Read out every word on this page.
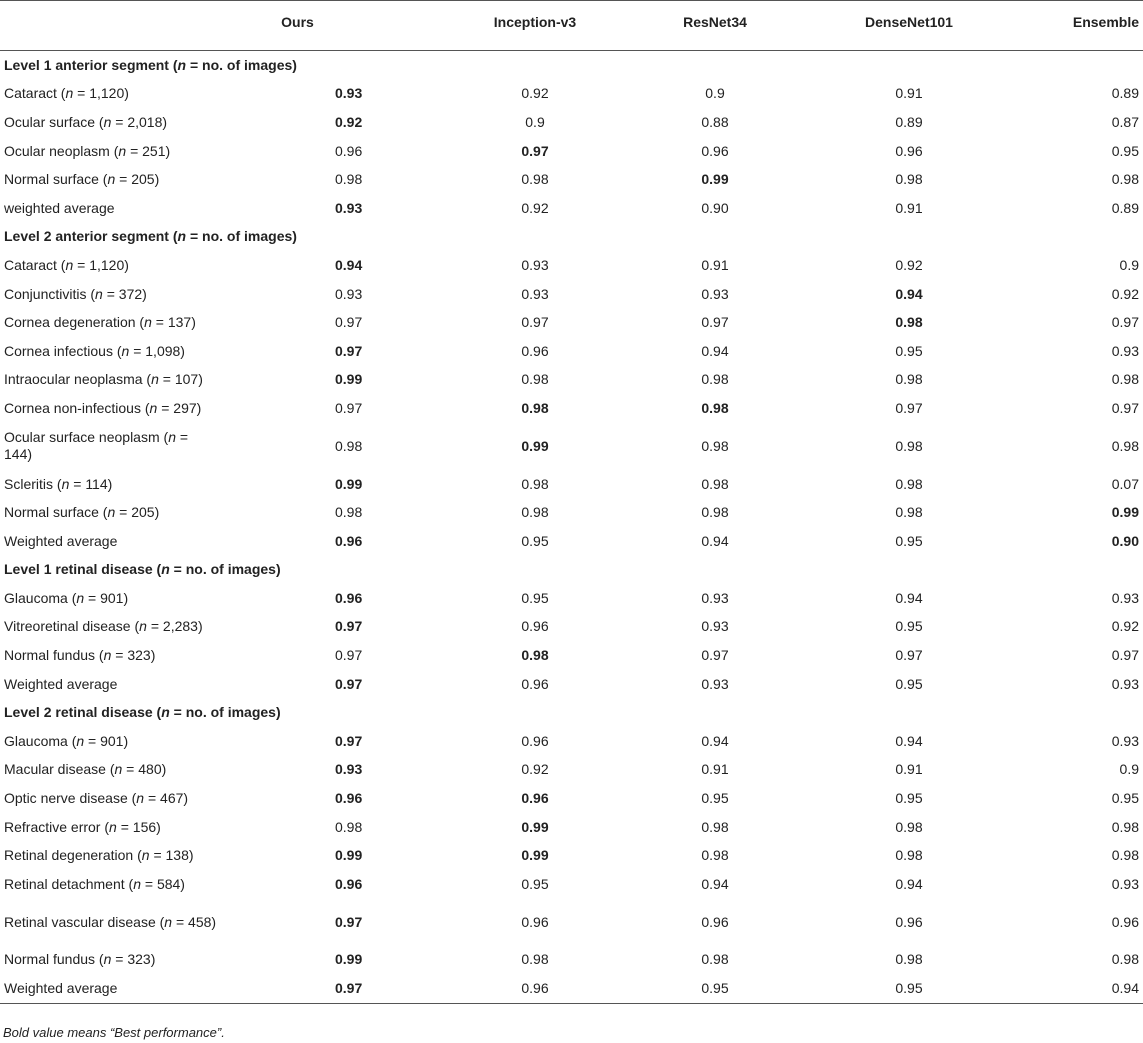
	Ours	Inception-v3	ResNet34	DenseNet101	Ensemble
Level 1 anterior segment (n = no. of images)					
Cataract (n = 1,120)	0.93	0.92	0.9	0.91	0.89
Ocular surface (n = 2,018)	0.92	0.9	0.88	0.89	0.87
Ocular neoplasm (n = 251)	0.96	0.97	0.96	0.96	0.95
Normal surface (n = 205)	0.98	0.98	0.99	0.98	0.98
weighted average	0.93	0.92	0.90	0.91	0.89
Level 2 anterior segment (n = no. of images)					
Cataract (n = 1,120)	0.94	0.93	0.91	0.92	0.9
Conjunctivitis (n = 372)	0.93	0.93	0.93	0.94	0.92
Cornea degeneration (n = 137)	0.97	0.97	0.97	0.98	0.97
Cornea infectious (n = 1,098)	0.97	0.96	0.94	0.95	0.93
Intraocular neoplasma (n = 107)	0.99	0.98	0.98	0.98	0.98
Cornea non-infectious (n = 297)	0.97	0.98	0.98	0.97	0.97
Ocular surface neoplasm (n = 144)	0.98	0.99	0.98	0.98	0.98
Scleritis (n = 114)	0.99	0.98	0.98	0.98	0.07
Normal surface (n = 205)	0.98	0.98	0.98	0.98	0.99
Weighted average	0.96	0.95	0.94	0.95	0.90
Level 1 retinal disease (n = no. of images)					
Glaucoma (n = 901)	0.96	0.95	0.93	0.94	0.93
Vitreoretinal disease (n = 2,283)	0.97	0.96	0.93	0.95	0.92
Normal fundus (n = 323)	0.97	0.98	0.97	0.97	0.97
Weighted average	0.97	0.96	0.93	0.95	0.93
Level 2 retinal disease (n = no. of images)					
Glaucoma (n = 901)	0.97	0.96	0.94	0.94	0.93
Macular disease (n = 480)	0.93	0.92	0.91	0.91	0.9
Optic nerve disease (n = 467)	0.96	0.96	0.95	0.95	0.95
Refractive error (n = 156)	0.98	0.99	0.98	0.98	0.98
Retinal degeneration (n = 138)	0.99	0.99	0.98	0.98	0.98
Retinal detachment (n = 584)	0.96	0.95	0.94	0.94	0.93
Retinal vascular disease (n = 458)	0.97	0.96	0.96	0.96	0.96
Normal fundus (n = 323)	0.99	0.98	0.98	0.98	0.98
Weighted average	0.97	0.96	0.95	0.95	0.94
Bold value means “Best performance”.
